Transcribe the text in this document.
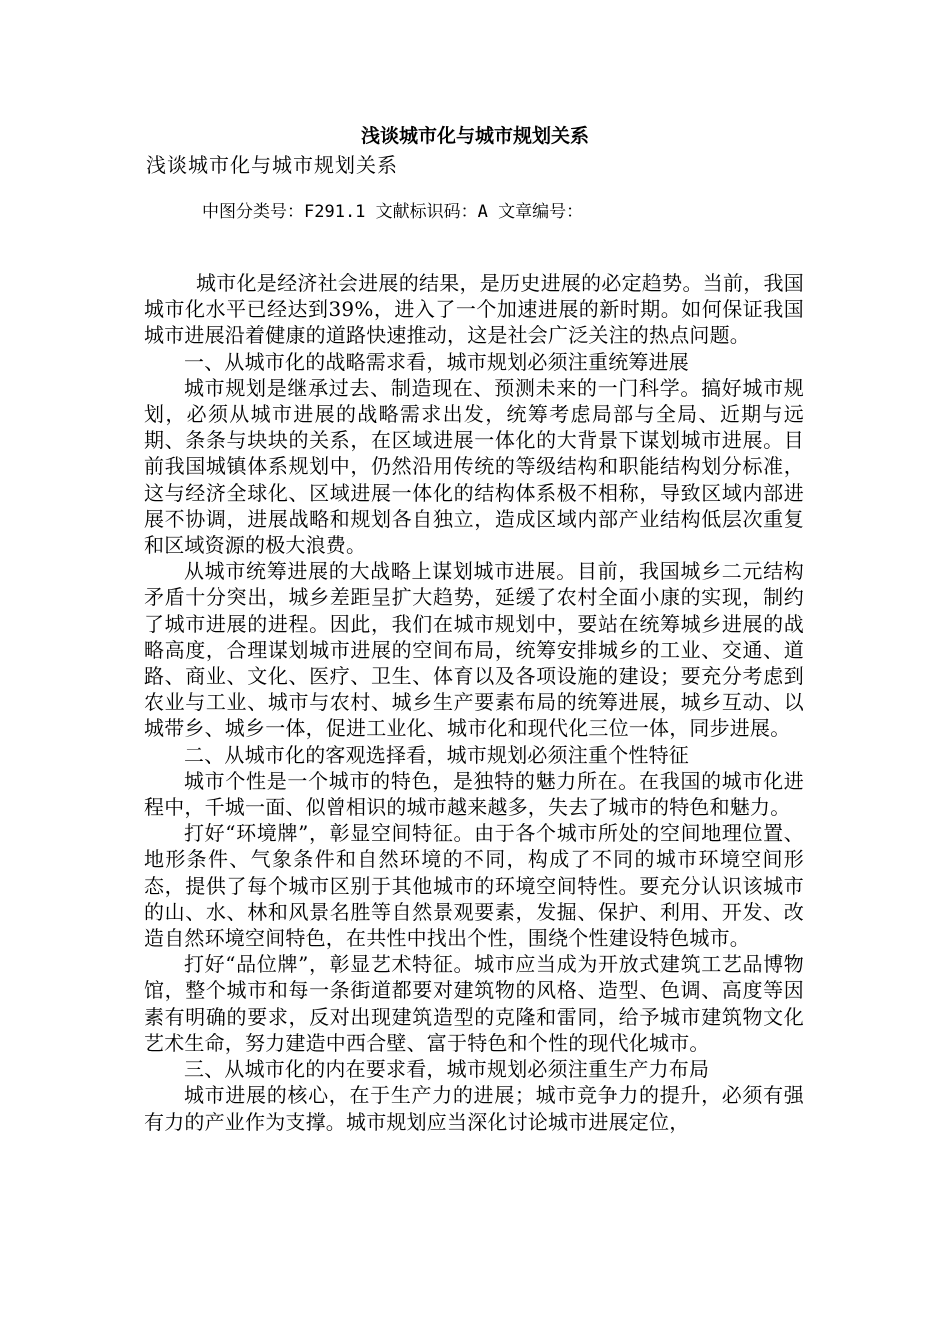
浅谈城市化与城市规划关系
浅谈城市化与城市规划关系
中图分类号：F291.1 文献标识码：A 文章编号：

城市化是经济社会进展的结果，是历史进展的必定趋势。当前，我国城市化水平已经达到39%，进入了一个加速进展的新时期。如何保证我国城市进展沿着健康的道路快速推动，这是社会广泛关注的热点问题。

一、从城市化的战略需求看，城市规划必须注重统筹进展

城市规划是继承过去、制造现在、预测未来的一门科学。搞好城市规划，必须从城市进展的战略需求出发，统筹考虑局部与全局、近期与远期、条条与块块的关系，在区域进展一体化的大背景下谋划城市进展。目前我国城镇体系规划中，仍然沿用传统的等级结构和职能结构划分标准，这与经济全球化、区域进展一体化的结构体系极不相称，导致区域内部进展不协调，进展战略和规划各自独立，造成区域内部产业结构低层次重复和区域资源的极大浪费。

从城市统筹进展的大战略上谋划城市进展。目前，我国城乡二元结构矛盾十分突出，城乡差距呈扩大趋势，延缓了农村全面小康的实现，制约了城市进展的进程。因此，我们在城市规划中，要站在统筹城乡进展的战略高度，合理谋划城市进展的空间布局，统筹安排城乡的工业、交通、道路、商业、文化、医疗、卫生、体育以及各项设施的建设；要充分考虑到农业与工业、城市与农村、城乡生产要素布局的统筹进展，城乡互动、以城带乡、城乡一体，促进工业化、城市化和现代化三位一体，同步进展。

二、从城市化的客观选择看，城市规划必须注重个性特征

城市个性是一个城市的特色，是独特的魅力所在。在我国的城市化进程中，千城一面、似曾相识的城市越来越多，失去了城市的特色和魅力。

打好“环境牌”，彰显空间特征。由于各个城市所处的空间地理位置、地形条件、气象条件和自然环境的不同，构成了不同的城市环境空间形态，提供了每个城市区别于其他城市的环境空间特性。要充分认识该城市的山、水、林和风景名胜等自然景观要素，发掘、保护、利用、开发、改造自然环境空间特色，在共性中找出个性，围绕个性建设特色城市。

打好“品位牌”，彰显艺术特征。城市应当成为开放式建筑工艺品博物馆，整个城市和每一条街道都要对建筑物的风格、造型、色调、高度等因素有明确的要求，反对出现建筑造型的克隆和雷同，给予城市建筑物文化艺术生命，努力建造中西合壁、富于特色和个性的现代化城市。

三、从城市化的内在要求看，城市规划必须注重生产力布局

城市进展的核心，在于生产力的进展；城市竞争力的提升，必须有强有力的产业作为支撑。城市规划应当深化讨论城市进展定位，
